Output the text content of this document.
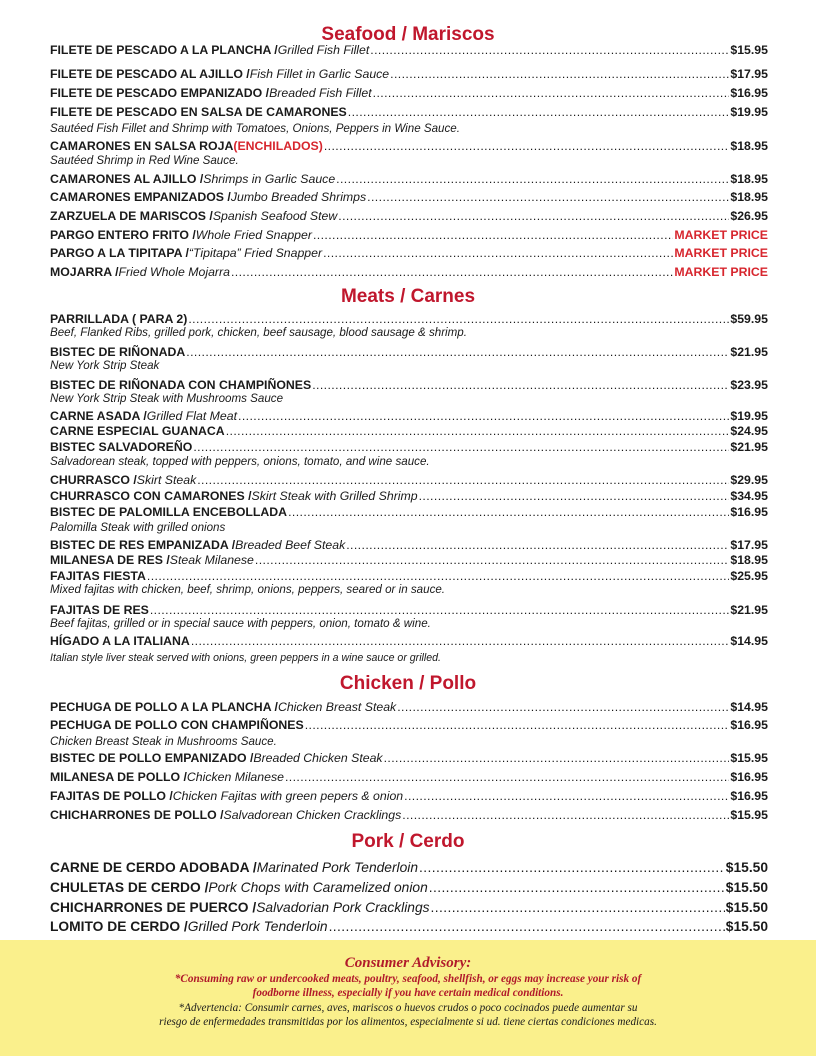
Seafood / Mariscos
Meats / Carnes
Chicken / Pollo
Pork / Cerdo
FILETE DE PESCADO A LA PLANCHA / Grilled Fish Fillet .....	$15.95
FILETE DE PESCADO AL AJILLO / Fish Fillet in Garlic Sauce .....	$17.95
FILETE DE PESCADO EMPANIZADO / Breaded Fish Fillet .....	$16.95
FILETE DE PESCADO EN SALSA DE CAMARONES .....	$19.95
Sautéed Fish Fillet and Shrimp with Tomatoes, Onions, Peppers in Wine Sauce.
CAMARONES EN SALSA ROJA (ENCHILADOS) .....	$18.95
Sautéed Shrimp in Red Wine Sauce.
CAMARONES AL AJILLO / Shrimps in Garlic Sauce .....	$18.95
CAMARONES EMPANIZADOS / Jumbo Breaded Shrimps .....	$18.95
ZARZUELA DE MARISCOS / Spanish Seafood Stew .....	$26.95
PARGO ENTERO FRITO / Whole Fried Snapper .....	MARKET PRICE
PARGO A LA TIPITAPA / “Tipitapa” Fried Snapper .....	MARKET PRICE
MOJARRA / Fried Whole Mojarra .....	MARKET PRICE
PARRILLADA ( PARA 2) .....	$59.95
Beef, Flanked Ribs, grilled pork, chicken, beef sausage, blood sausage & shrimp.
BISTEC DE RIÑONADA .....	$21.95
New York Strip Steak
BISTEC DE RIÑONADA CON CHAMPIÑONES .....	$23.95
New York Strip Steak with Mushrooms Sauce
CARNE ASADA / Grilled Flat Meat .....	$19.95
CARNE ESPECIAL GUANACA .....	$24.95
BISTEC SALVADOREÑO .....	$21.95
Salvadorean steak, topped with peppers, onions, tomato, and wine sauce.
CHURRASCO / Skirt Steak .....	$29.95
CHURRASCO CON CAMARONES / Skirt Steak with Grilled Shrimp .....	$34.95
BISTEC DE PALOMILLA ENCEBOLLADA .....	$16.95
Palomilla Steak with grilled onions
BISTEC DE RES EMPANIZADA / Breaded Beef Steak .....	$17.95
MILANESA DE RES / Steak Milanese .....	$18.95
FAJITAS FIESTA .....	$25.95
Mixed fajitas with chicken, beef, shrimp, onions, peppers, seared or in sauce.
FAJITAS DE RES .....	$21.95
Beef fajitas, grilled or in special sauce with peppers, onion, tomato & wine.
HÍGADO A LA ITALIANA .....	$14.95
Italian style liver steak served with onions, green peppers in a wine sauce or grilled.
PECHUGA DE POLLO A LA PLANCHA / Chicken Breast Steak .....	$14.95
PECHUGA DE POLLO CON CHAMPIÑONES .....	$16.95
Chicken Breast Steak in Mushrooms Sauce.
BISTEC DE POLLO EMPANIZADO / Breaded Chicken Steak .....	$15.95
MILANESA DE POLLO / Chicken Milanese .....	$16.95
FAJITAS DE POLLO / Chicken Fajitas with green pepers & onion .....	$16.95
CHICHARRONES DE POLLO / Salvadorean Chicken Cracklings .....	$15.95
CARNE DE CERDO ADOBADA / Marinated Pork Tenderloin .....	$15.50
CHULETAS DE CERDO / Pork Chops with Caramelized onion .....	$15.50
CHICHARRONES DE PUERCO / Salvadorian Pork Cracklings .....	$15.50
LOMITO DE CERDO / Grilled Pork Tenderloin .....	$15.50
Consumer Advisory:
*Consuming raw or undercooked meats, poultry, seafood, shellfish, or eggs may increase your risk of
foodborne illness, especially if you have certain medical conditions.
*Advertencia: Consumir carnes, aves, mariscos o huevos crudos o poco cocinados puede aumentar su
riesgo de enfermedades transmitidas por los alimentos, especialmente si ud. tiene ciertas condiciones medicas.
